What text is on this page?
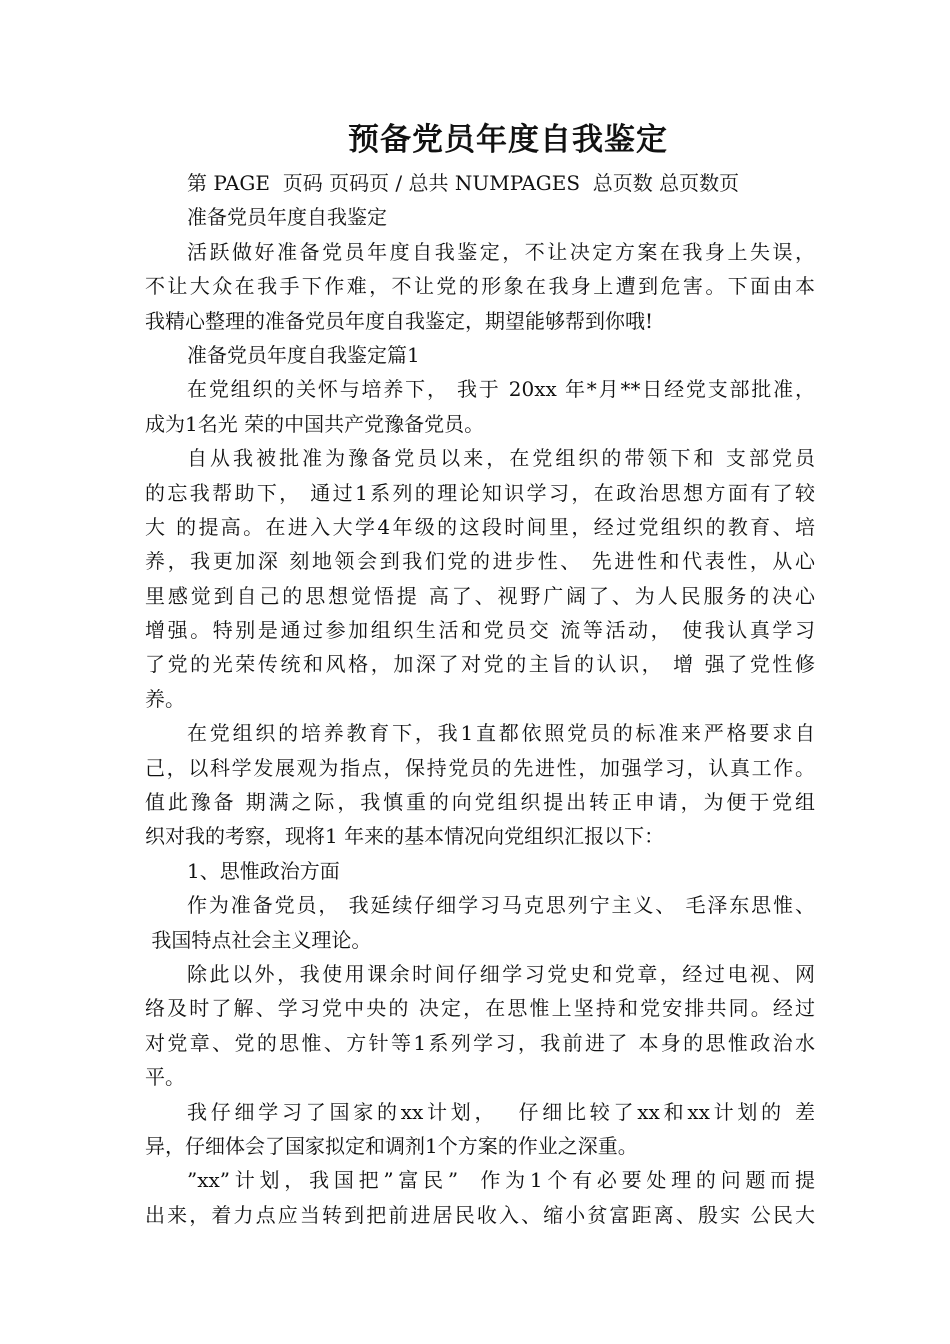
预备党员年度自我鉴定

第 PAGE  页码 页码页 / 总共 NUMPAGES  总页数 总页数页

准备党员年度自我鉴定

活跃做好准备党员年度自我鉴定，不让决定方案在我身上失误，

不让大众在我手下作难，不让党的形象在我身上遭到危害。下面由本

我精心整理的准备党员年度自我鉴定，期望能够帮到你哦!

准备党员年度自我鉴定篇1

在党组织的关怀与培养下， 我于 20xx 年*月**日经党支部批准，

成为1名光 荣的中国共产党豫备党员。

自从我被批准为豫备党员以来，在党组织的带领下和 支部党员

的忘我帮助下， 通过1系列的理论知识学习，在政治思想方面有了较

大 的提高。在进入大学4年级的这段时间里，经过党组织的教育、培

养，我更加深 刻地领会到我们党的进步性、 先进性和代表性，从心

里感觉到自己的思想觉悟提 高了、视野广阔了、为人民服务的决心

增强。特别是通过参加组织生活和党员交 流等活动， 使我认真学习

了党的光荣传统和风格，加深了对党的主旨的认识， 增 强了党性修

养。

在党组织的培养教育下，我1直都依照党员的标准来严格要求自

己，以科学发展观为指点，保持党员的先进性，加强学习，认真工作。

值此豫备 期满之际，我慎重的向党组织提出转正申请，为便于党组

织对我的考察，现将1 年来的基本情况向党组织汇报以下：

1、思惟政治方面

作为准备党员， 我延续仔细学习马克思列宁主义、 毛泽东思惟、

我国特点社会主义理论。

除此以外，我使用课余时间仔细学习党史和党章，经过电视、网

络及时了解、学习党中央的 决定，在思惟上坚持和党安排共同。经过

对党章、党的思惟、方针等1系列学习，我前进了 本身的思惟政治水

平。

我仔细学习了国家的xx计划，  仔细比较了xx和xx计划的 差

异，仔细体会了国家拟定和调剂1个方案的作业之深重。

”xx”计划，我国把”富民”  作为1个有必要处理的问题而提

出来，着力点应当转到把前进居民收入、缩小贫富距离、殷实 公民大
